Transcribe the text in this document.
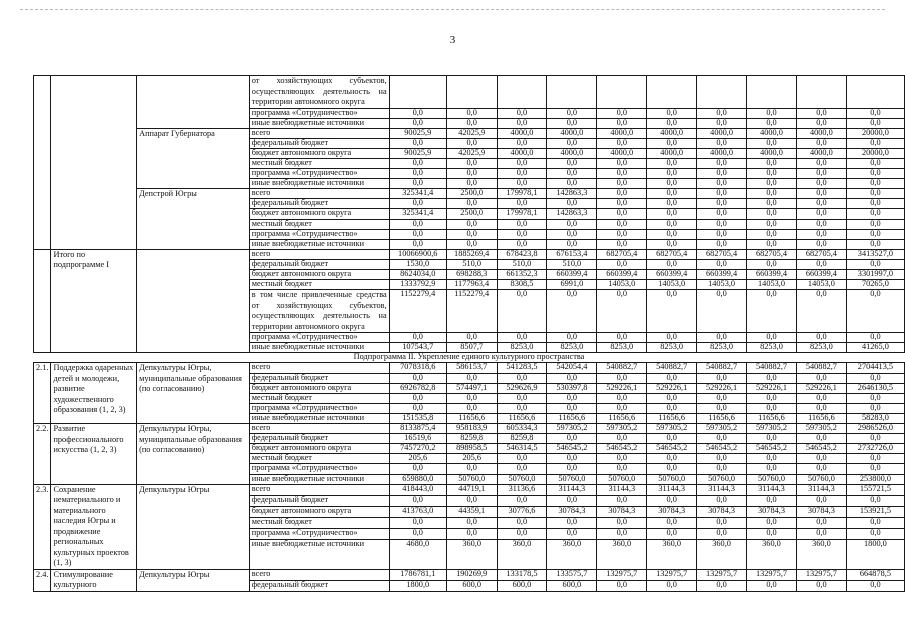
3
			от хозяйствующих субъектов, осуществляющих деятельность на территории автономного округа										
			программа «Сотрудничество»	0,0	0,0	0,0	0,0	0,0	0,0	0,0	0,0	0,0	0,0
			иные внебюджетные источники	0,0	0,0	0,0	0,0	0,0	0,0	0,0	0,0	0,0	0,0
		Аппарат Губернатора	всего	90025,9	42025,9	4000,0	4000,0	4000,0	4000,0	4000,0	4000,0	4000,0	20000,0
			федеральный бюджет	0,0	0,0	0,0	0,0	0,0	0,0	0,0	0,0	0,0	0,0
			бюджет автономного округа	90025,9	42025,9	4000,0	4000,0	4000,0	4000,0	4000,0	4000,0	4000,0	20000,0
			местный бюджет	0,0	0,0	0,0	0,0	0,0	0,0	0,0	0,0	0,0	0,0
			программа «Сотрудничество»	0,0	0,0	0,0	0,0	0,0	0,0	0,0	0,0	0,0	0,0
			иные внебюджетные источники	0,0	0,0	0,0	0,0	0,0	0,0	0,0	0,0	0,0	0,0
		Депстрой Югры	всего	325341,4	2500,0	179978,1	142863,3	0,0	0,0	0,0	0,0	0,0	0,0
			федеральный бюджет	0,0	0,0	0,0	0,0	0,0	0,0	0,0	0,0	0,0	0,0
			бюджет автономного округа	325341,4	2500,0	179978,1	142863,3	0,0	0,0	0,0	0,0	0,0	0,0
			местный бюджет	0,0	0,0	0,0	0,0	0,0	0,0	0,0	0,0	0,0	0,0
			программа «Сотрудничество»	0,0	0,0	0,0	0,0	0,0	0,0	0,0	0,0	0,0	0,0
			иные внебюджетные источники	0,0	0,0	0,0	0,0	0,0	0,0	0,0	0,0	0,0	0,0
	Итого по подпрограмме I		всего	10066900,6	1885269,4	678423,8	676153,4	682705,4	682705,4	682705,4	682705,4	682705,4	3413527,0
			федеральный бюджет	1530,0	510,0	510,0	510,0	0,0	0,0	0,0	0,0	0,0	0,0
			бюджет автономного округа	8624034,0	698288,3	661352,3	660399,4	660399,4	660399,4	660399,4	660399,4	660399,4	3301997,0
			местный бюджет	1333792,9	1177963,4	8308,5	6991,0	14053,0	14053,0	14053,0	14053,0	14053,0	70265,0
			в том числе привлеченные средства от хозяйствующих субъектов, осуществляющих деятельность на территории автономного округа	1152279,4	1152279,4	0,0	0,0	0,0	0,0	0,0	0,0	0,0	0,0
			программа «Сотрудничество»	0,0	0,0	0,0	0,0	0,0	0,0	0,0	0,0	0,0	0,0
			иные внебюджетные источники	107543,7	8507,7	8253,0	8253,0	8253,0	8253,0	8253,0	8253,0	8253,0	41265,0
Подпрограмма II. Укрепление единого культурного пространства													
2.1.	Поддержка одаренных детей и молодежи, развитие художественного образования (1, 2, 3)	Депкультуры Югры, муниципальные образования (по согласованию)	всего	7078318,6	586153,7	541283,5	542054,4	540882,7	540882,7	540882,7	540882,7	540882,7	2704413,5
			федеральный бюджет	0,0	0,0	0,0	0,0	0,0	0,0	0,0	0,0	0,0	0,0
			бюджет автономного округа	6926782,8	574497,1	529626,9	530397,8	529226,1	529226,1	529226,1	529226,1	529226,1	2646130,5
			местный бюджет	0,0	0,0	0,0	0,0	0,0	0,0	0,0	0,0	0,0	0,0
			программа «Сотрудничество»	0,0	0,0	0,0	0,0	0,0	0,0	0,0	0,0	0,0	0,0
			иные внебюджетные источники	151535,8	11656,6	11656,6	11656,6	11656,6	11656,6	11656,6	11656,6	11656,6	58283,0
2.2.	Развитие профессионального искусства (1, 2, 3)	Депкультуры Югры, муниципальные образования (по согласованию)	всего	8133875,4	958183,9	605334,3	597305,2	597305,2	597305,2	597305,2	597305,2	597305,2	2986526,0
			федеральный бюджет	16519,6	8259,8	8259,8	0,0	0,0	0,0	0,0	0,0	0,0	0,0
			бюджет автономного округа	7457270,2	898958,5	546314,5	546545,2	546545,2	546545,2	546545,2	546545,2	546545,2	2732726,0
			местный бюджет	205,6	205,6	0,0	0,0	0,0	0,0	0,0	0,0	0,0	0,0
			программа «Сотрудничество»	0,0	0,0	0,0	0,0	0,0	0,0	0,0	0,0	0,0	0,0
			иные внебюджетные источники	659880,0	50760,0	50760,0	50760,0	50760,0	50760,0	50760,0	50760,0	50760,0	253800,0
2.3.	Сохранение нематериального и материального наследия Югры и продвижение региональных культурных проектов (1, 3)	Депкультуры Югры	всего	418443,0	44719,1	31136,6	31144,3	31144,3	31144,3	31144,3	31144,3	31144,3	155721,5
			федеральный бюджет	0,0	0,0	0,0	0,0	0,0	0,0	0,0	0,0	0,0	0,0
			бюджет автономного округа	413763,0	44359,1	30776,6	30784,3	30784,3	30784,3	30784,3	30784,3	30784,3	153921,5
			местный бюджет	0,0	0,0	0,0	0,0	0,0	0,0	0,0	0,0	0,0	0,0
			программа «Сотрудничество»	0,0	0,0	0,0	0,0	0,0	0,0	0,0	0,0	0,0	0,0
			иные внебюджетные источники	4680,0	360,0	360,0	360,0	360,0	360,0	360,0	360,0	360,0	1800,0
2.4.	Стимулирование культурного	Депкультуры Югры	всего	1786781,1	190269,9	133178,5	133575,7	132975,7	132975,7	132975,7	132975,7	132975,7	664878,5
			федеральный бюджет	1800,0	600,0	600,0	600,0	0,0	0,0	0,0	0,0	0,0	0,0
